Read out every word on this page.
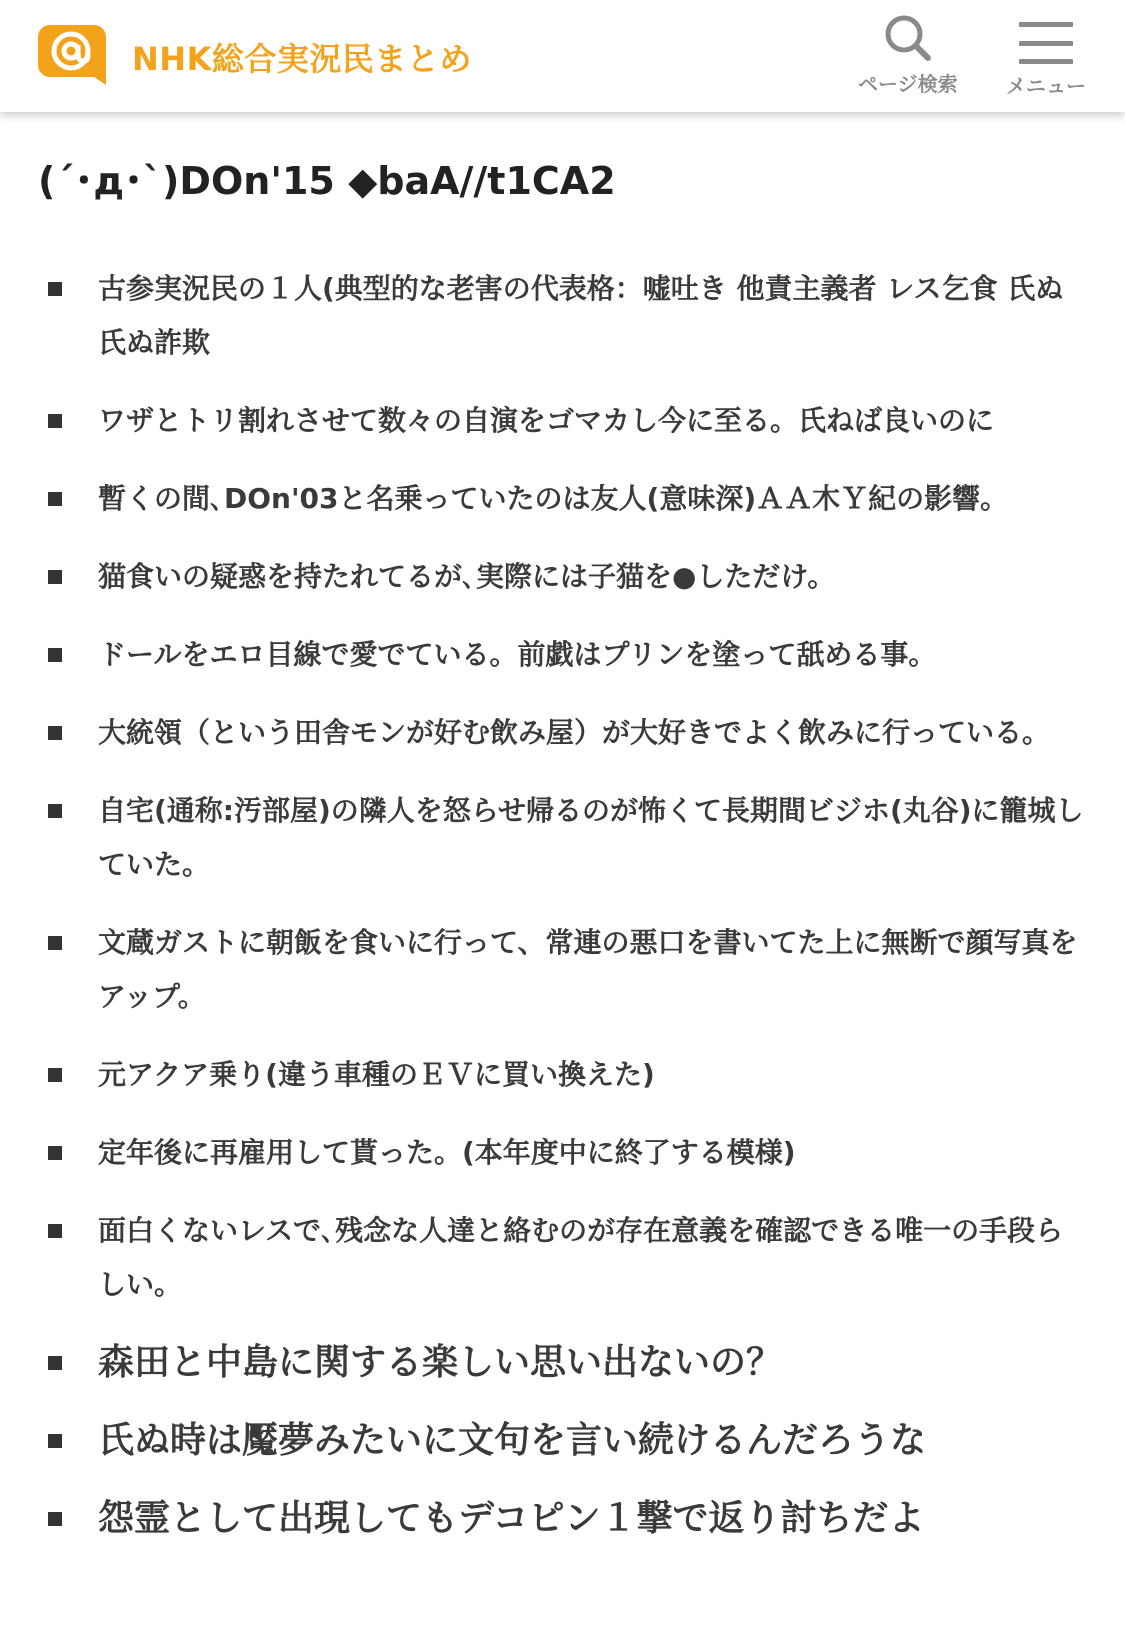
NHK総合実況民まとめ
ページ検索 メニュー
(´･д･`)DOn'15 ◆baA//t1CA2
古参実況民の１人(典型的な老害の代表格：嘘吐き 他責主義者 レス乞食 氏ぬ氏ぬ詐欺
ワザとトリ割れさせて数々の自演をゴマカし今に至る。氏ねば良いのに
暫くの間､DOn'03と名乗っていたのは友人(意味深)ＡＡ木Ｙ紀の影響。
猫食いの疑惑を持たれてるが､実際には子猫を●しただけ。
ドールをエロ目線で愛でている。前戯はプリンを塗って舐める事。
大統領（という田舎モンが好む飲み屋）が大好きでよく飲みに行っている。
自宅(通称:汚部屋)の隣人を怒らせ帰るのが怖くて長期間ビジホ(丸谷)に籠城していた。
文蔵ガストに朝飯を食いに行って、常連の悪口を書いてた上に無断で顔写真をアップ。
元アクア乗り(違う車種のＥＶに買い換えた)
定年後に再雇用して貰った。(本年度中に終了する模様)
面白くないレスで､残念な人達と絡むのが存在意義を確認できる唯一の手段らしい。
森田と中島に関する楽しい思い出ないの？
氏ぬ時は魘夢みたいに文句を言い続けるんだろうな
怨霊として出現してもデコピン１撃で返り討ちだよ
